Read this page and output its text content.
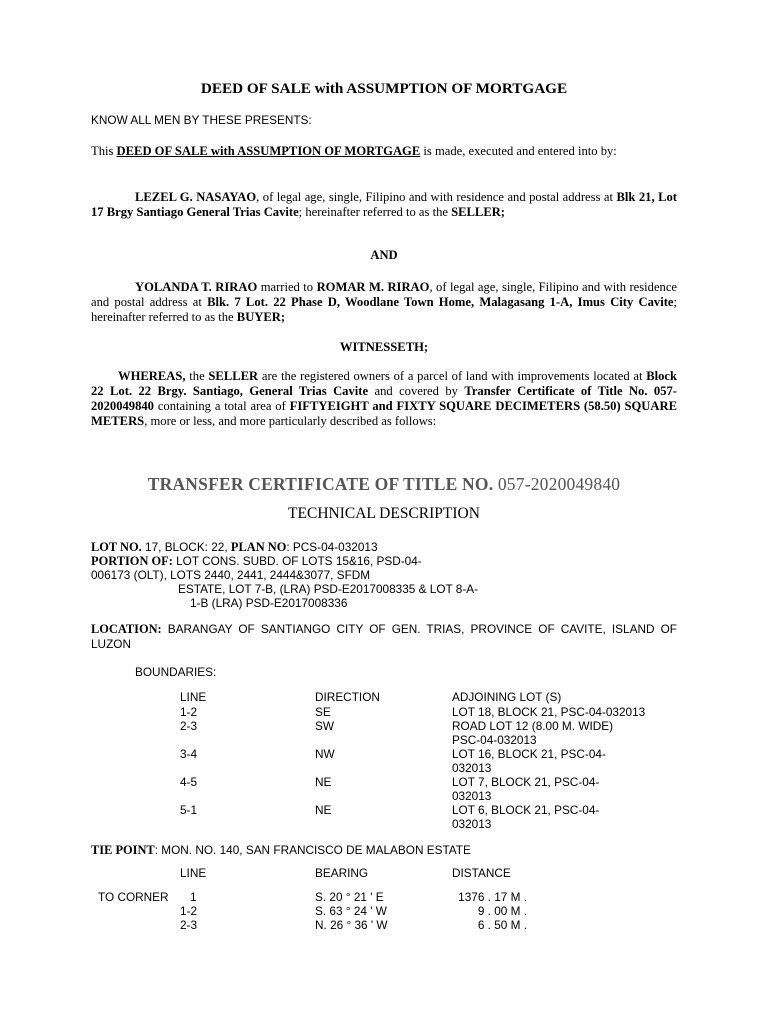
DEED OF SALE with ASSUMPTION OF MORTGAGE
KNOW ALL MEN BY THESE PRESENTS:
This DEED OF SALE with ASSUMPTION OF MORTGAGE is made, executed and entered into by:
LEZEL G. NASAYAO, of legal age, single, Filipino and with residence and postal address at Blk 21, Lot 17 Brgy Santiago General Trias Cavite; hereinafter referred to as the SELLER;
AND
YOLANDA T. RIRAO married to ROMAR M. RIRAO, of legal age, single, Filipino and with residence and postal address at Blk. 7 Lot. 22 Phase D, Woodlane Town Home, Malagasang 1-A, Imus City Cavite; hereinafter referred to as the BUYER;
WITNESSETH;
WHEREAS, the SELLER are the registered owners of a parcel of land with improvements located at Block 22 Lot. 22 Brgy. Santiago, General Trias Cavite and covered by Transfer Certificate of Title No. 057-2020049840 containing a total area of FIFTYEIGHT and FIXTY SQUARE DECIMETERS (58.50) SQUARE METERS, more or less, and more particularly described as follows:
TRANSFER CERTIFICATE OF TITLE NO. 057-2020049840
TECHNICAL DESCRIPTION
LOT NO. 17, BLOCK: 22, PLAN NO: PCS-04-032013
PORTION OF: LOT CONS. SUBD. OF LOTS 15&16, PSD-04-
006173 (OLT), LOTS 2440, 2441, 2444&3077, SFDM
ESTATE, LOT 7-B, (LRA) PSD-E2017008335 & LOT 8-A-
1-B (LRA) PSD-E2017008336
LOCATION: BARANGAY OF SANTIANGO CITY OF GEN. TRIAS, PROVINCE OF CAVITE, ISLAND OF LUZON
BOUNDARIES:
LINE	DIRECTION	ADJOINING LOT (S)
1-2	SE	LOT 18, BLOCK 21, PSC-04-032013
2-3	SW	ROAD LOT 12 (8.00 M. WIDE)
PSC-04-032013
3-4	NW	LOT 16, BLOCK 21, PSC-04-
032013
4-5	NE	LOT 7, BLOCK 21, PSC-04-
032013
5-1	NE	LOT 6, BLOCK 21, PSC-04-
032013
TIE POINT: MON. NO. 140, SAN FRANCISCO DE MALABON ESTATE
LINE	BEARING	DISTANCE
TO CORNER 1	S. 20 ° 21 ' E	1376 . 17 M .
1-2	S. 63 ° 24 ' W	9 . 00 M .
2-3	N. 26 ° 36 ' W	6 . 50 M .
